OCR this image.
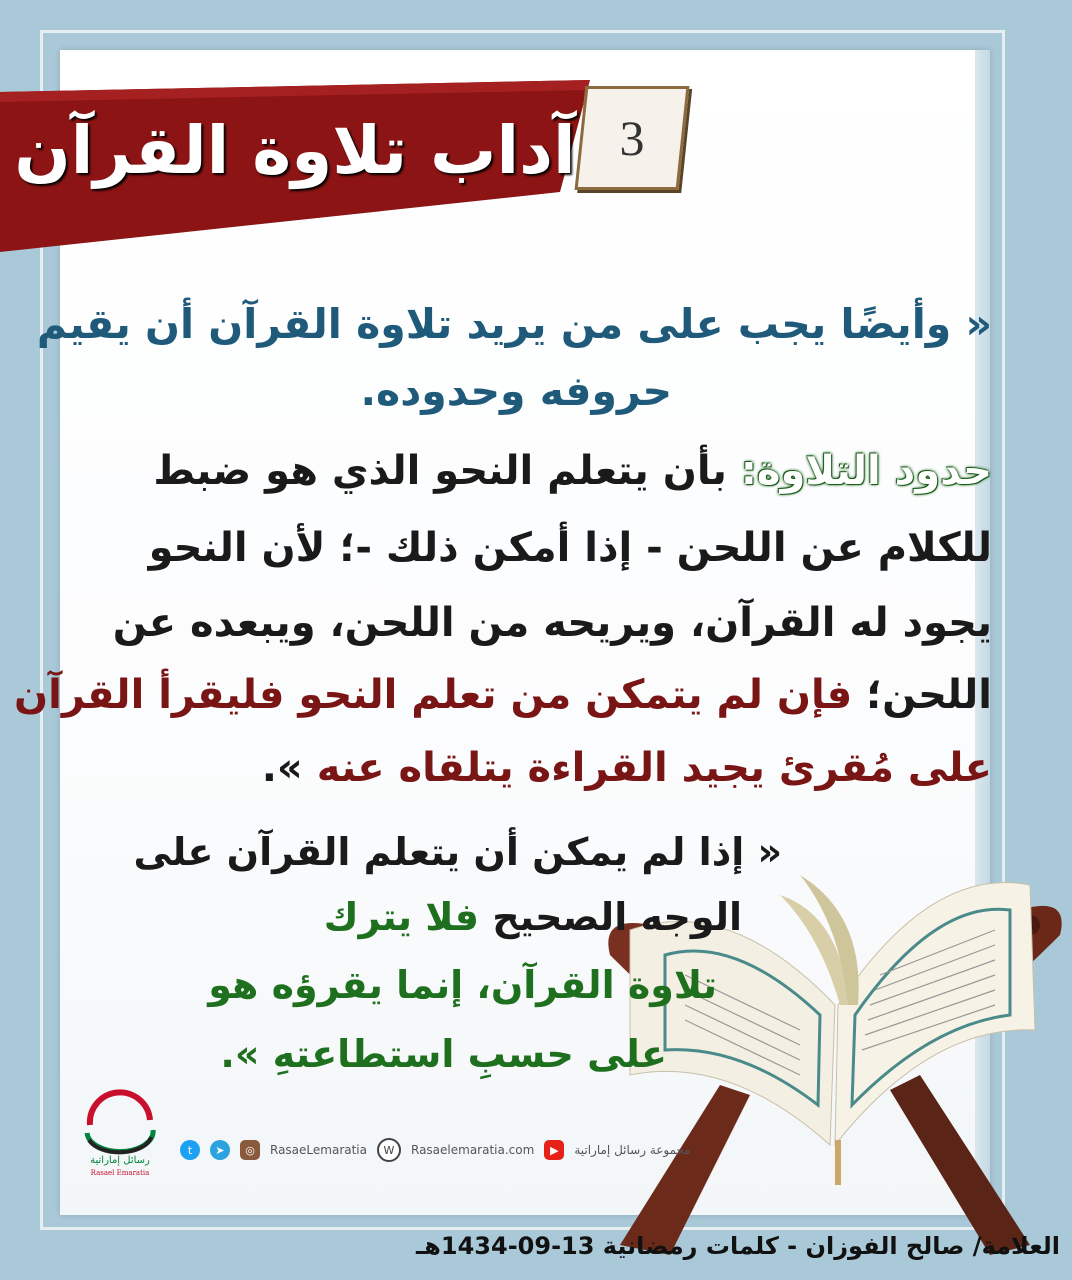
3
آداب تلاوة القرآن
« وأيضًا يجب على من يريد تلاوة القرآن أن يقيم
حروفه وحدوده.
حدود التلاوة: بأن يتعلم النحو الذي هو ضبط
للكلام عن اللحن - إذا أمكن ذلك -؛ لأن النحو
يجود له القرآن، ويريحه من اللحن، ويبعده عن
اللحن؛ فإن لم يتمكن من تعلم النحو فليقرأ القرآن
على مُقرئ يجيد القراءة يتلقاه عنه ».
« إذا لم يمكن أن يتعلم القرآن على
الوجه الصحيح فلا يترك
تلاوة القرآن، إنما يقرؤه هو
على حسبِ استطاعتهِ ».
رسائل إماراتية
Rasael Emaratia
t	➤	◎	RasaeLemaratia	W	Rasaelemaratia.com	▶	مجموعة رسائل إماراتية
العلامة/ صالح الفوزان - كلمات رمضانية 13-09-1434هـ
